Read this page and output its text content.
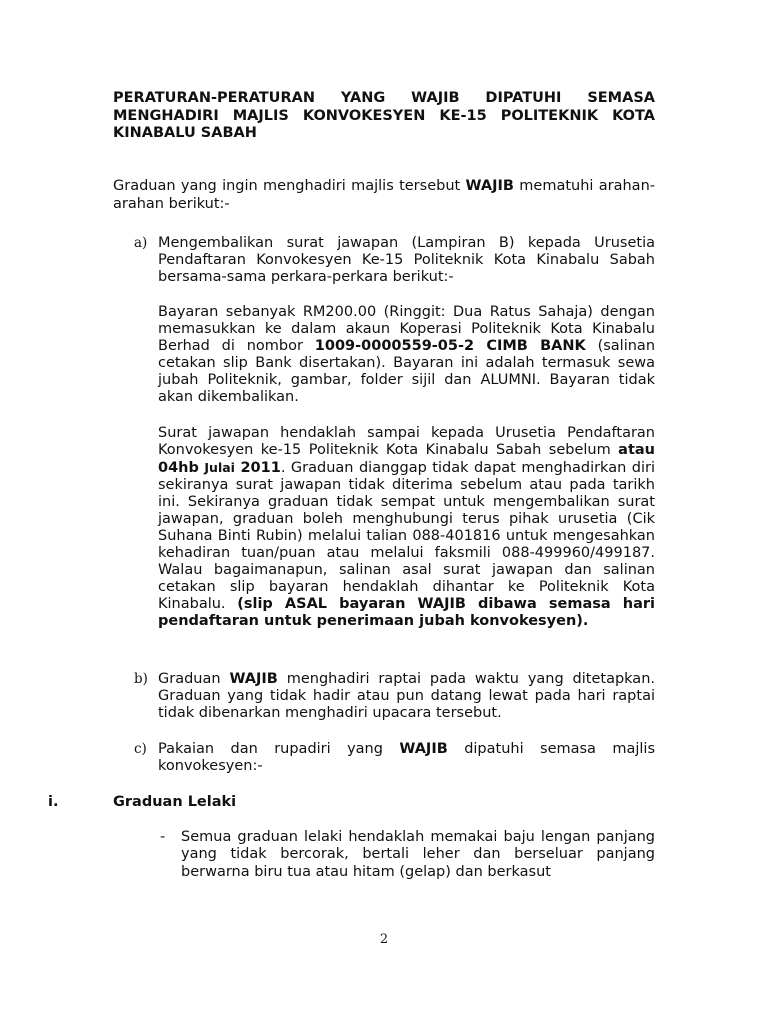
PERATURAN-PERATURAN YANG WAJIB DIPATUHI SEMASA MENGHADIRI MAJLIS KONVOKESYEN KE-15 POLITEKNIK KOTA KINABALU SABAH
Graduan yang ingin menghadiri majlis tersebut WAJIB mematuhi arahan-arahan berikut:-
a) Mengembalikan surat jawapan (Lampiran B) kepada Urusetia Pendaftaran Konvokesyen Ke-15 Politeknik Kota Kinabalu Sabah bersama-sama perkara-perkara berikut:-

Bayaran sebanyak RM200.00 (Ringgit: Dua Ratus Sahaja) dengan memasukkan ke dalam akaun Koperasi Politeknik Kota Kinabalu Berhad di nombor 1009-0000559-05-2 CIMB BANK (salinan cetakan slip Bank disertakan). Bayaran ini adalah termasuk sewa jubah Politeknik, gambar, folder sijil dan ALUMNI. Bayaran tidak akan dikembalikan.

Surat jawapan hendaklah sampai kepada Urusetia Pendaftaran Konvokesyen ke-15 Politeknik Kota Kinabalu Sabah sebelum atau 04hb Julai 2011. Graduan dianggap tidak dapat menghadirkan diri sekiranya surat jawapan tidak diterima sebelum atau pada tarikh ini. Sekiranya graduan tidak sempat untuk mengembalikan surat jawapan, graduan boleh menghubungi terus pihak urusetia (Cik Suhana Binti Rubin) melalui talian 088-401816 untuk mengesahkan kehadiran tuan/puan atau melalui faksmili 088-499960/499187. Walau bagaimanapun, salinan asal surat jawapan dan salinan cetakan slip bayaran hendaklah dihantar ke Politeknik Kota Kinabalu. (slip ASAL bayaran WAJIB dibawa semasa hari pendaftaran untuk penerimaan jubah konvokesyen).

b) Graduan WAJIB menghadiri raptai pada waktu yang ditetapkan. Graduan yang tidak hadir atau pun datang lewat pada hari raptai tidak dibenarkan menghadiri upacara tersebut.

c) Pakaian dan rupadiri yang WAJIB dipatuhi semasa majlis konvokesyen:-

i.	Graduan Lelaki
- Semua graduan lelaki hendaklah memakai baju lengan panjang yang tidak bercorak, bertali leher dan berseluar panjang berwarna biru tua atau hitam (gelap) dan berkasut
2
